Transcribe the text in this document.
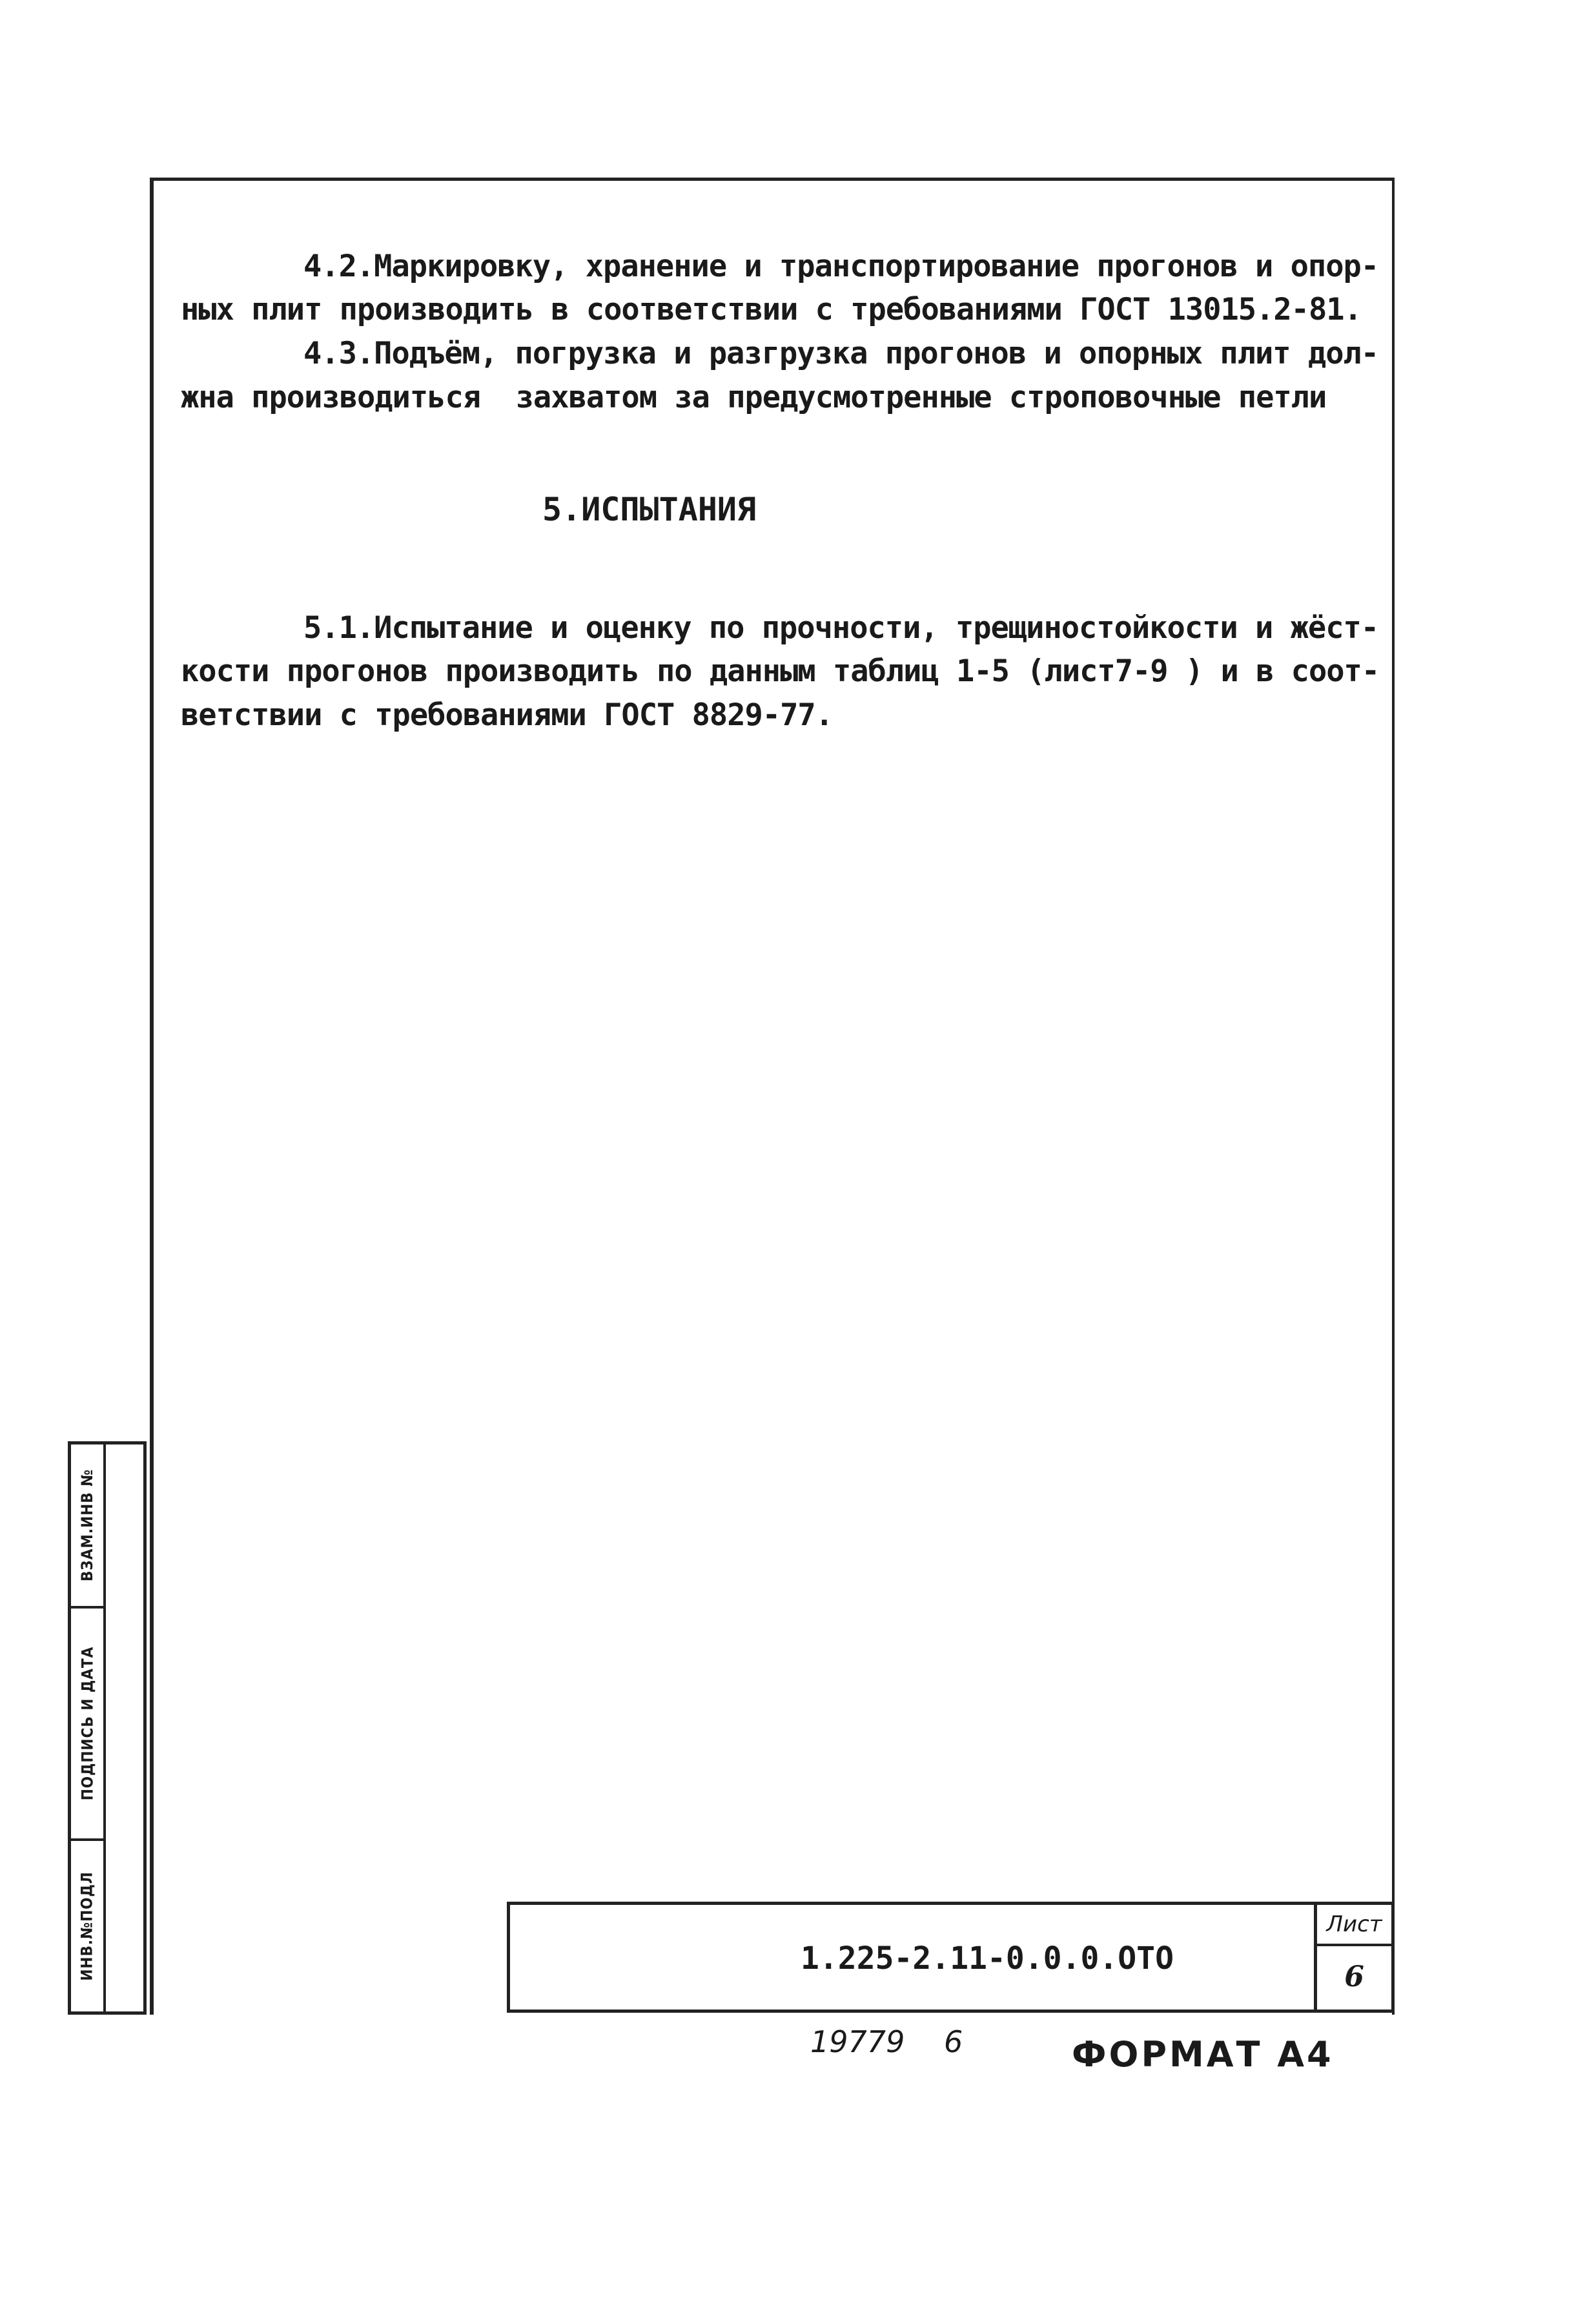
4.2.Маркировку, хранение и транспортирование прогонов и опор-
ных плит производить в соответствии с требованиями ГОСТ 13015.2-81.
4.3.Подъём, погрузка и разгрузка прогонов и опорных плит дол-
жна производиться  захватом за предусмотренные строповочные петли
5.ИСПЫТАНИЯ
5.1.Испытание и оценку по прочности, трещиностойкости и жёст-
кости прогонов производить по данным таблиц 1-5 (лист7-9 ) и в соот-
ветствии с требованиями ГОСТ 8829-77.
ВЗАМ.ИНВ №
ПОДПИСЬ И ДАТА
ИНВ.№ПОДЛ	1.225-2.11-0.0.0.ОТО
Лист
6
19779 6	ФОРМАТ А4
